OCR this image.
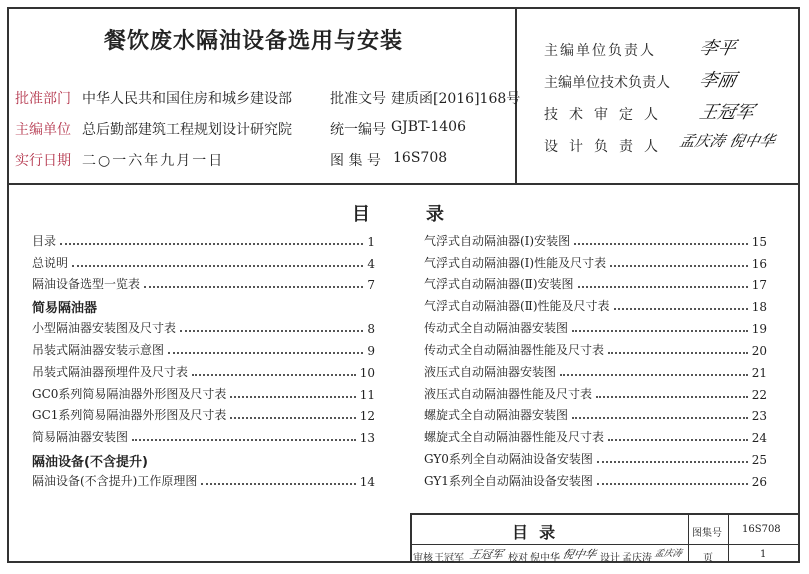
餐饮废水隔油设备选用与安装
批准部门 中华人民共和国住房和城乡建设部
主编单位 总后勤部建筑工程规划设计研究院
实行日期 二○一六年九月一日
批准文号 建质函[2016]168号
统一编号 GJBT-1406
图 集 号 16S708
主编单位负责人 李平
主编单位技术负责人 李丽
技术审定人 王冠军
设计负责人 孟庆涛 倪中华
目	录
目录	1
总说明	4
隔油设备选型一览表	7
简易隔油器
小型隔油器安装图及尺寸表	8
吊装式隔油器安装示意图	9
吊装式隔油器预埋件及尺寸表	10
GC0系列简易隔油器外形图及尺寸表	11
GC1系列简易隔油器外形图及尺寸表	12
简易隔油器安装图	13
隔油设备(不含提升)
隔油设备(不含提升)工作原理图	14
气浮式自动隔油器(Ⅰ)安装图	15
气浮式自动隔油器(Ⅰ)性能及尺寸表	16
气浮式自动隔油器(Ⅱ)安装图	17
气浮式自动隔油器(Ⅱ)性能及尺寸表	18
传动式全自动隔油器安装图	19
传动式全自动隔油器性能及尺寸表	20
液压式自动隔油器安装图	21
液压式自动隔油器性能及尺寸表	22
螺旋式全自动隔油器安装图	23
螺旋式全自动隔油器性能及尺寸表	24
GY0系列全自动隔油设备安装图	25
GY1系列全自动隔油设备安装图	26
目  录	图集号 16S708
页	1
审核 王冠军 王冠军 校对 倪中华 倪中华 设计 孟庆涛 孟庆涛
